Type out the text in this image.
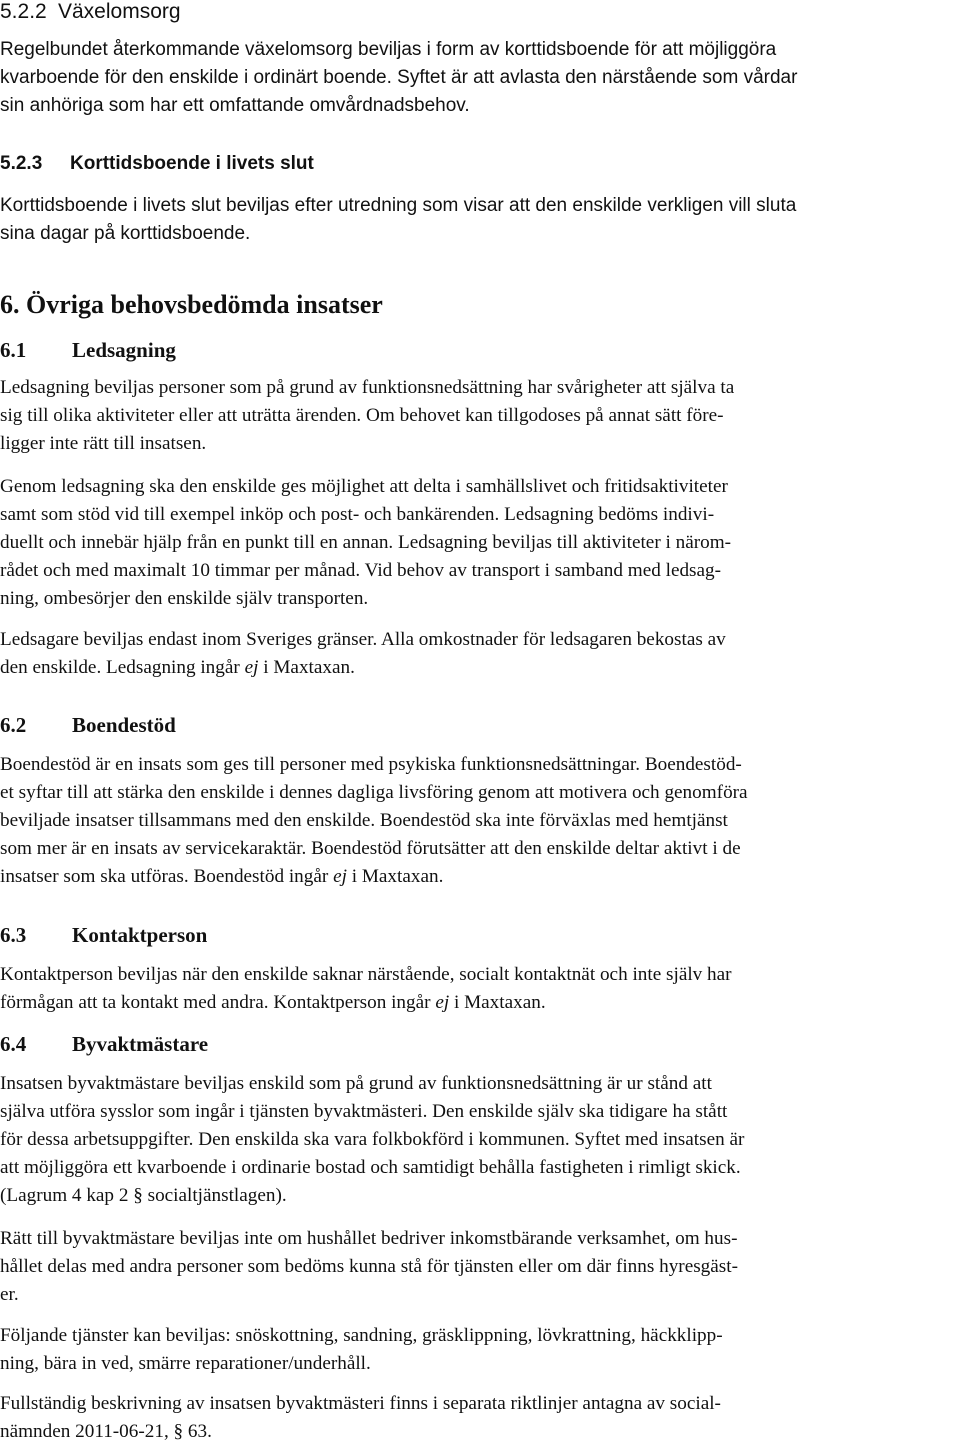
5.2.2 Växelomsorg
Regelbundet återkommande växelomsorg beviljas i form av korttidsboende för att möjliggöra
kvarboende för den enskilde i ordinärt boende. Syftet är att avlasta den närstående som vårdar
sin anhöriga som har ett omfattande omvårdnadsbehov.
5.2.3 Korttidsboende i livets slut
Korttidsboende i livets slut beviljas efter utredning som visar att den enskilde verkligen vill sluta
sina dagar på korttidsboende.
6. Övriga behovsbedömda insatser
6.1 Ledsagning
Ledsagning beviljas personer som på grund av funktionsnedsättning har svårigheter att själva ta
sig till olika aktiviteter eller att uträtta ärenden. Om behovet kan tillgodoses på annat sätt före-
ligger inte rätt till insatsen.
Genom ledsagning ska den enskilde ges möjlighet att delta i samhällslivet och fritidsaktiviteter
samt som stöd vid till exempel inköp och post- och bankärenden. Ledsagning bedöms indivi-
duellt och innebär hjälp från en punkt till en annan. Ledsagning beviljas till aktiviteter i närom-
rådet och med maximalt 10 timmar per månad. Vid behov av transport i samband med ledsag-
ning, ombesörjer den enskilde själv transporten.
Ledsagare beviljas endast inom Sveriges gränser. Alla omkostnader för ledsagaren bekostas av
den enskilde. Ledsagning ingår ej i Maxtaxan.
6.2 Boendestöd
Boendestöd är en insats som ges till personer med psykiska funktionsnedsättningar. Boendestöd-
et syftar till att stärka den enskilde i dennes dagliga livsföring genom att motivera och genomföra
beviljade insatser tillsammans med den enskilde. Boendestöd ska inte förväxlas med hemtjänst
som mer är en insats av servicekaraktär. Boendestöd förutsätter att den enskilde deltar aktivt i de
insatser som ska utföras. Boendestöd ingår ej i Maxtaxan.
6.3 Kontaktperson
Kontaktperson beviljas när den enskilde saknar närstående, socialt kontaktnät och inte själv har
förmågan att ta kontakt med andra. Kontaktperson ingår ej i Maxtaxan.
6.4 Byvaktmästare
Insatsen byvaktmästare beviljas enskild som på grund av funktionsnedsättning är ur stånd att
själva utföra sysslor som ingår i tjänsten byvaktmästeri. Den enskilde själv ska tidigare ha stått
för dessa arbetsuppgifter. Den enskilda ska vara folkbokförd i kommunen. Syftet med insatsen är
att möjliggöra ett kvarboende i ordinarie bostad och samtidigt behålla fastigheten i rimligt skick.
(Lagrum 4 kap 2 § socialtjänstlagen).
Rätt till byvaktmästare beviljas inte om hushållet bedriver inkomstbärande verksamhet, om hus-
hållet delas med andra personer som bedöms kunna stå för tjänsten eller om där finns hyresgäst-
er.
Följande tjänster kan beviljas: snöskottning, sandning, gräsklippning, lövkrattning, häckklipp-
ning, bära in ved, smärre reparationer/underhåll.
Fullständig beskrivning av insatsen byvaktmästeri finns i separata riktlinjer antagna av social-
nämnden 2011-06-21, § 63.
